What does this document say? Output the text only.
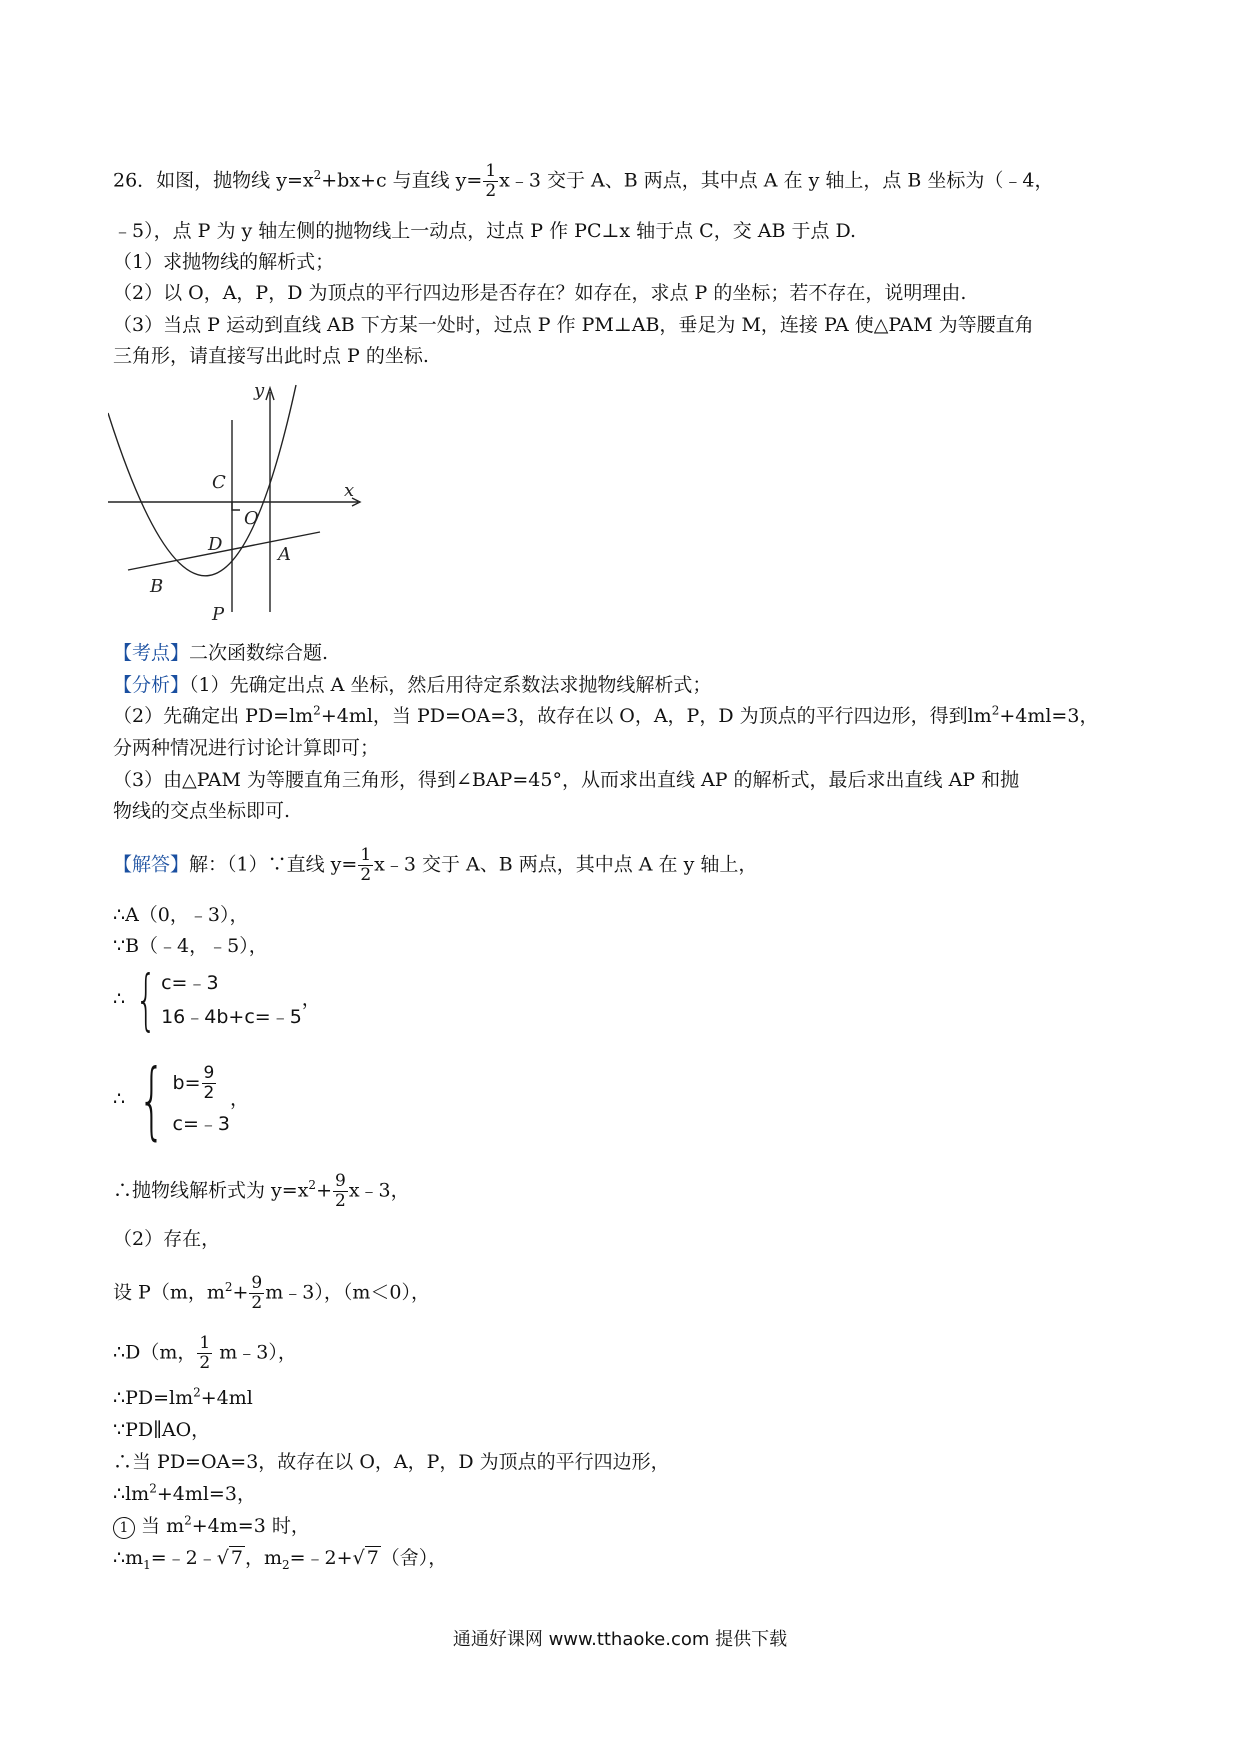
26．如图，抛物线 $y=x^2+bx+c$ 与直线 $y= \frac{1}{2}$ x﹣3 交于 A、B 两点，其中点 A 在 y 轴上，点 B 坐标为（﹣4，
﹣5），点 P 为 y 轴左侧的抛物线上一动点，过点 P 作 PC⊥x 轴于点 C，交 AB 于点 D.
（1）求抛物线的解析式；
（2）以 O，A，P，D 为顶点的平行四边形是否存在？如存在，求点 P 的坐标；若不存在，说明理由.
（3）当点 P 运动到直线 AB 下方某一处时，过点 P 作 PM⊥AB，垂足为 M，连接 PA 使△PAM 为等腰直角
三角形，请直接写出此时点 P 的坐标.
y
x
C
O
D	A
B
P
【考点】二次函数综合题.
【分析】（1）先确定出点 A 坐标，然后用待定系数法求抛物线解析式；
（2）先确定出 $PD=lm^2+4ml$，当 PD=OA=3，故存在以 O，A，P，D 为顶点的平行四边形，得到$lm^2+4ml=3$，
分两种情况进行讨论计算即可；
（3）由△PAM 为等腰直角三角形，得到∠BAP=45°，从而求出直线 AP 的解析式，最后求出直线 AP 和抛
物线的交点坐标即可.
【解答】解：（1）∵直线 $y= \frac{1}{2}$ x﹣3 交于 A、B 两点，其中点 A 在 y 轴上，
∴A（0，﹣3），
∵B（﹣4，﹣5），
∴ { c=﹣3
16﹣4b+c=﹣5
，
∴ { $b= \frac{9}{2}$
c=﹣3
，
∴抛物线解析式为 $y=x^2+ \frac{9}{2}$ x﹣3，
（2）存在，
设 P（m，$m^2+ \frac{9}{2}$ m﹣3），（m＜0），
∴D（m， $\frac{1}{2}$ m﹣3），
$\therefore PD=lm^2+4ml$
∵PD∥AO，
∴当 PD=OA=3，故存在以 O，A，P，D 为顶点的平行四边形，
$\therefore lm^2+4ml=3$，
1 当 $m^2+4m=3$ 时，
$\therefore m_1=﹣2﹣√$ 7 ，$m_2=﹣2+√$ 7 （舍），
通通好课网 www.tthaoke.com 提供下载
